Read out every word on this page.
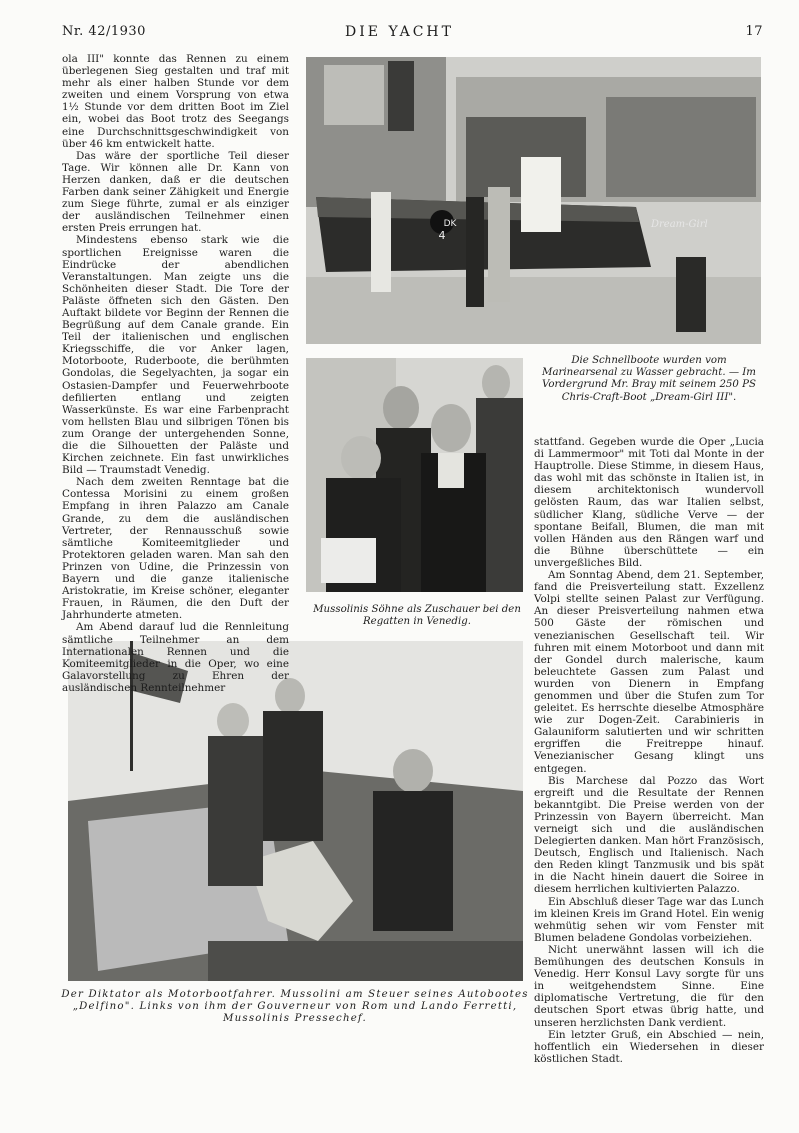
Nr. 42/1930	DIE YACHT	17
DK
4
Dream-Girl
Mussolinis Söhne als Zuschauer bei den Regatten in Venedig.
Die Schnellboote wurden vom Marinearsenal zu Wasser gebracht. — Im Vordergrund Mr. Bray mit seinem 250 PS Chris-Craft-Boot „Dream-Girl III".
Der Diktator als Motorbootfahrer. Mussolini am Steuer seines Autobootes „Delfino". Links von ihm der Gouverneur von Rom und Lando Ferretti, Mussolinis Pressechef.

ola III" konnte das Rennen zu einem überlegenen Sieg gestalten und traf mit mehr als einer halben Stunde vor dem zweiten und einem Vorsprung von etwa 1½ Stunde vor dem dritten Boot im Ziel ein, wobei das Boot trotz des Seegangs eine Durchschnittsgeschwindigkeit von über 46 km entwickelt hatte.

Das wäre der sportliche Teil dieser Tage. Wir können alle Dr. Kann von Herzen danken, daß er die deutschen Farben dank seiner Zähigkeit und Energie zum Siege führte, zumal er als einziger der ausländischen Teilnehmer einen ersten Preis errungen hat.

Mindestens ebenso stark wie die sportlichen Ereignisse waren die Eindrücke der abendlichen Veranstaltungen. Man zeigte uns die Schönheiten dieser Stadt. Die Tore der Paläste öffneten sich den Gästen. Den Auftakt bildete vor Beginn der Rennen die Begrüßung auf dem Canale grande. Ein Teil der italienischen und englischen Kriegsschiffe, die vor Anker lagen, Motorboote, Ruderboote, die berühmten Gondolas, die Segelyachten, ja sogar ein Ostasien-Dampfer und Feuerwehrboote defilierten entlang und zeigten Wasserkünste. Es war eine Farbenpracht vom hellsten Blau und silbrigen Tönen bis zum Orange der untergehenden Sonne, die die Silhouetten der Paläste und Kirchen zeichnete. Ein fast unwirkliches Bild — Traumstadt Venedig.

Nach dem zweiten Renntage bat die Contessa Morisini zu einem großen Empfang in ihren Palazzo am Canale Grande, zu dem die ausländischen Vertreter, der Rennausschuß sowie sämtliche Komiteemitglieder und Protektoren geladen waren. Man sah den Prinzen von Udine, die Prinzessin von Bayern und die ganze italienische Aristokratie, im Kreise schöner, eleganter Frauen, in Räumen, die den Duft der Jahrhunderte atmeten.

Am Abend darauf lud die Rennleitung sämtliche Teilnehmer an dem Internationalen Rennen und die Komiteemitglieder in die Oper, wo eine Galavorstellung zu Ehren der ausländischen Rennteilnehmer

stattfand. Gegeben wurde die Oper „Lucia di Lammermoor" mit Toti dal Monte in der Hauptrolle. Diese Stimme, in diesem Haus, das wohl mit das schönste in Italien ist, in diesem architektonisch wundervoll gelösten Raum, das war Italien selbst, südlicher Klang, südliche Verve — der spontane Beifall, Blumen, die man mit vollen Händen aus den Rängen warf und die Bühne überschüttete — ein unvergeßliches Bild.

Am Sonntag Abend, dem 21. September, fand die Preisverteilung statt. Exzellenz Volpi stellte seinen Palast zur Verfügung. An dieser Preisverteilung nahmen etwa 500 Gäste der römischen und venezianischen Gesellschaft teil. Wir fuhren mit einem Motorboot und dann mit der Gondel durch malerische, kaum beleuchtete Gassen zum Palast und wurden von Dienern in Empfang genommen und über die Stufen zum Tor geleitet. Es herrschte dieselbe Atmosphäre wie zur Dogen-Zeit. Carabinieris in Galauniform salutierten und wir schritten ergriffen die Freitreppe hinauf. Venezianischer Gesang klingt uns entgegen.

Bis Marchese dal Pozzo das Wort ergreift und die Resultate der Rennen bekanntgibt. Die Preise werden von der Prinzessin von Bayern überreicht. Man verneigt sich und die ausländischen Delegierten danken. Man hört Französisch, Deutsch, Englisch und Italienisch. Nach den Reden klingt Tanzmusik und bis spät in die Nacht hinein dauert die Soiree in diesem herrlichen kultivierten Palazzo.

Ein Abschluß dieser Tage war das Lunch im kleinen Kreis im Grand Hotel. Ein wenig wehmütig sehen wir vom Fenster mit Blumen beladene Gondolas vorbeiziehen.

Nicht unerwähnt lassen will ich die Bemühungen des deutschen Konsuls in Venedig. Herr Konsul Lavy sorgte für uns in weitgehendstem Sinne. Eine diplomatische Vertretung, die für den deutschen Sport etwas übrig hatte, und unseren herzlichsten Dank verdient.

Ein letzter Gruß, ein Abschied — nein, hoffentlich ein Wiedersehen in dieser köstlichen Stadt.
